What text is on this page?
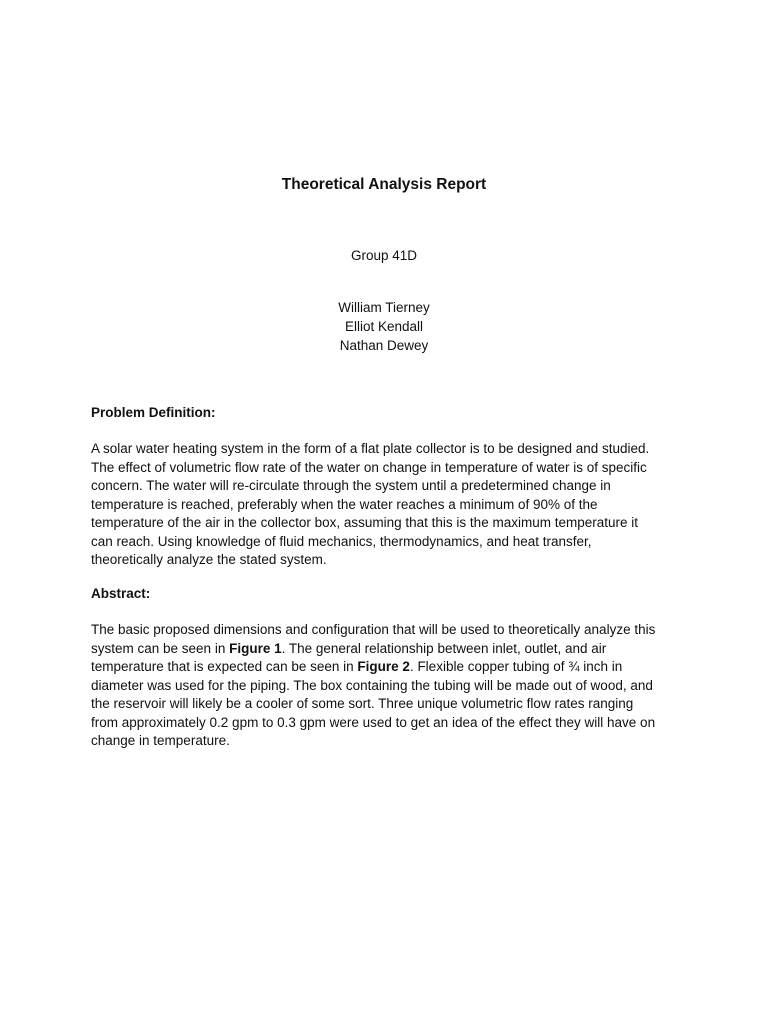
Theoretical Analysis Report
Group 41D
William Tierney
Elliot Kendall
Nathan Dewey
Problem Definition:
A solar water heating system in the form of a flat plate collector is to be designed and studied.
The effect of volumetric flow rate of the water on change in temperature of water is of specific
concern. The water will re-circulate through the system until a predetermined change in
temperature is reached, preferably when the water reaches a minimum of 90% of the
temperature of the air in the collector box, assuming that this is the maximum temperature it
can reach. Using knowledge of fluid mechanics, thermodynamics, and heat transfer,
theoretically analyze the stated system.
Abstract:
The basic proposed dimensions and configuration that will be used to theoretically analyze this
system can be seen in Figure 1. The general relationship between inlet, outlet, and air
temperature that is expected can be seen in Figure 2. Flexible copper tubing of ¾ inch in
diameter was used for the piping. The box containing the tubing will be made out of wood, and
the reservoir will likely be a cooler of some sort. Three unique volumetric flow rates ranging
from approximately 0.2 gpm to 0.3 gpm were used to get an idea of the effect they will have on
change in temperature.
